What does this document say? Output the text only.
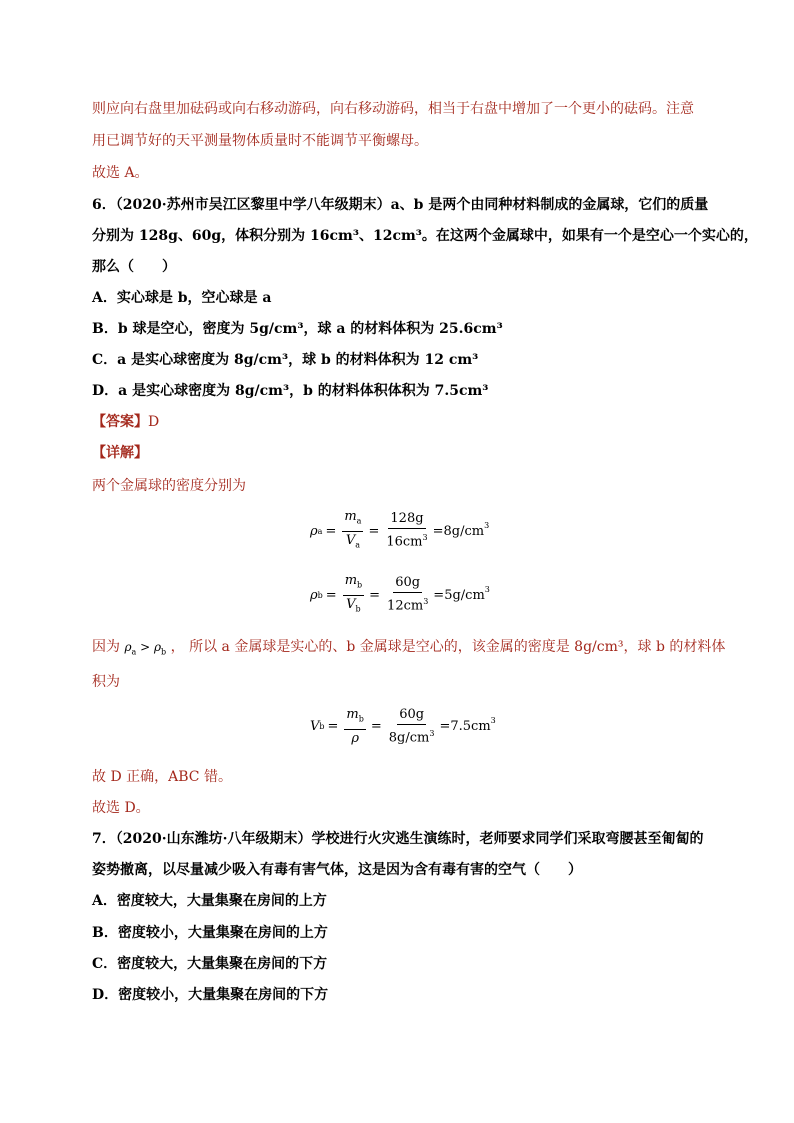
则应向右盘里加砝码或向右移动游码，向右移动游码，相当于右盘中增加了一个更小的砝码。注意
用已调节好的天平测量物体质量时不能调节平衡螺母。
故选 A。
6．（2020·苏州市吴江区黎里中学八年级期末）a、b 是两个由同种材料制成的金属球，它们的质量
分别为 128g、60g，体积分别为 16cm³、12cm³。在这两个金属球中，如果有一个是空心一个实心的，
那么（　　）
A．实心球是 b，空心球是 a
B．b 球是空心，密度为 5g/cm³，球 a 的材料体积为 25.6cm³
C．a 是实心球密度为 8g/cm³，球 b 的材料体积为 12 cm³
D．a 是实心球密度为 8g/cm³，b 的材料体积体积为 7.5cm³
【答案】D
【详解】
两个金属球的密度分别为
ρ $a = \frac{m_a}{V_a} = \frac{128g}{16cm^3} =8g/cm^3$
ρ $b = \frac{m_b}{V_b} = \frac{60g}{12cm^3} =5g/cm^3$
因为 $\rho_a > \rho_b$ ， 所以 a 金属球是实心的、b 金属球是空心的，该金属的密度是 8g/cm³，球 b 的材料体
积为
V $b = \frac{m_b}{\rho} = \frac{60g}{8g/cm^3} =7.5cm^3$
故 D 正确，ABC 错。
故选 D。
7．（2020·山东潍坊·八年级期末）学校进行火灾逃生演练时，老师要求同学们采取弯腰甚至匍匐的
姿势撤离，以尽量减少吸入有毒有害气体，这是因为含有毒有害的空气（　　）
A．密度较大，大量集聚在房间的上方
B．密度较小，大量集聚在房间的上方
C．密度较大，大量集聚在房间的下方
D．密度较小，大量集聚在房间的下方
